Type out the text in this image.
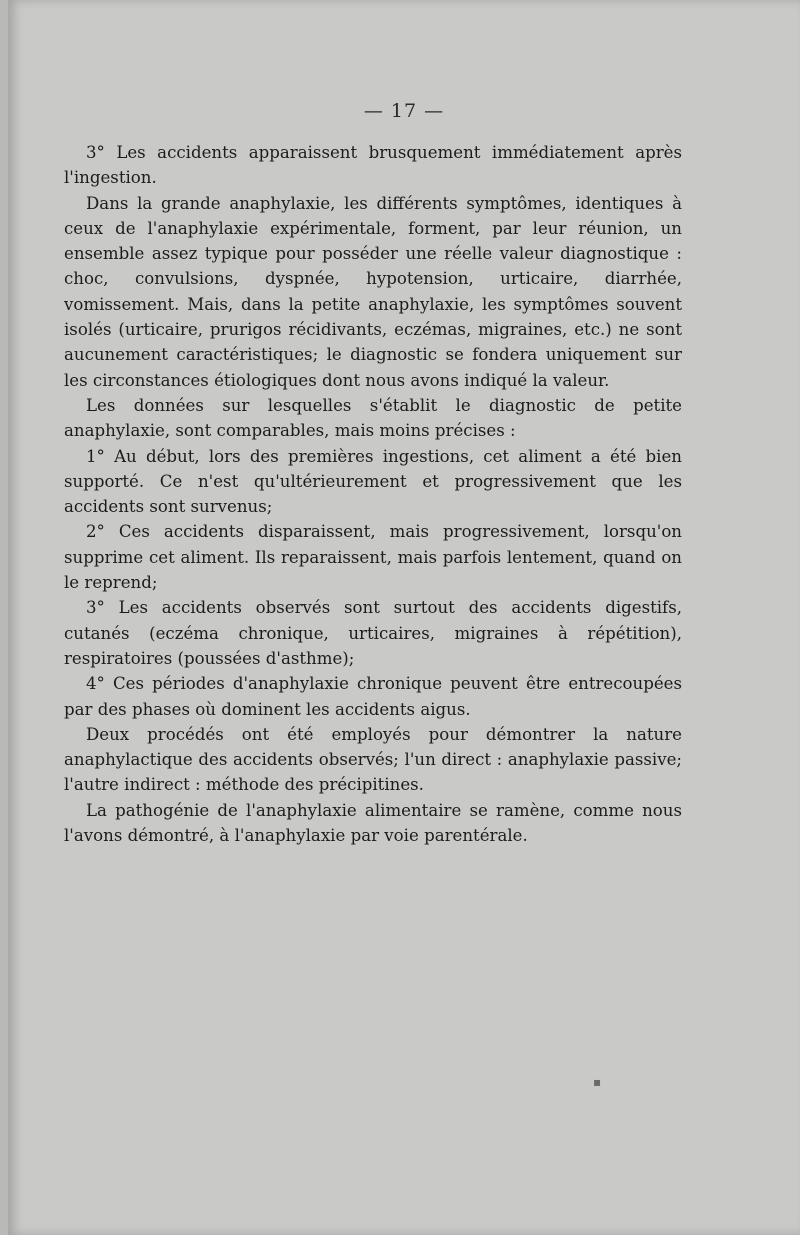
— 17 —

3° Les accidents apparaissent brusquement immédiatement après l'ingestion.

Dans la grande anaphylaxie, les différents symptômes, identiques à ceux de l'anaphylaxie expérimentale, forment, par leur réunion, un ensemble assez typique pour posséder une réelle valeur diagnostique : choc, convulsions, dyspnée, hypotension, urticaire, diarrhée, vomissement. Mais, dans la petite anaphylaxie, les symptômes souvent isolés (urticaire, prurigos récidivants, eczémas, migraines, etc.) ne sont aucunement caractéristiques; le diagnostic se fondera uniquement sur les circonstances étiologiques dont nous avons indiqué la valeur.

Les données sur lesquelles s'établit le diagnostic de petite anaphylaxie, sont comparables, mais moins précises :

1° Au début, lors des premières ingestions, cet aliment a été bien supporté. Ce n'est qu'ultérieurement et progressivement que les accidents sont survenus;

2° Ces accidents disparaissent, mais progressivement, lorsqu'on supprime cet aliment. Ils reparaissent, mais parfois lentement, quand on le reprend;

3° Les accidents observés sont surtout des accidents digestifs, cutanés (eczéma chronique, urticaires, migraines à répétition), respiratoires (poussées d'asthme);

4° Ces périodes d'anaphylaxie chronique peuvent être entrecoupées par des phases où dominent les accidents aigus.

Deux procédés ont été employés pour démontrer la nature anaphylactique des accidents observés; l'un direct : anaphylaxie passive; l'autre indirect : méthode des précipitines.

La pathogénie de l'anaphylaxie alimentaire se ramène, comme nous l'avons démontré, à l'anaphylaxie par voie parentérale.

▪
